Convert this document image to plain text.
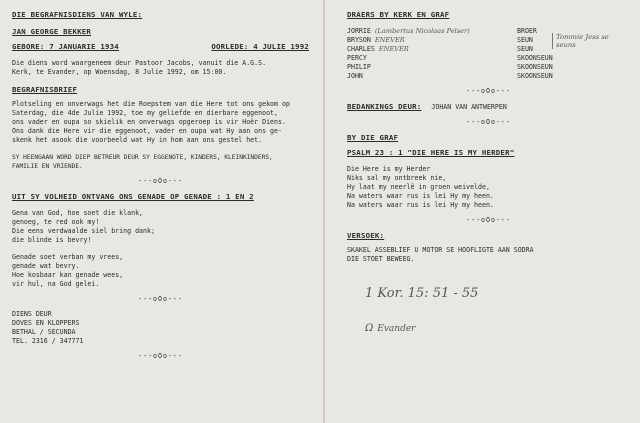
DIE BEGRAFNISDIENS VAN WYLE:
JAN GEORGE BEKKER
GEBORE: 7 JANUARIE 1934	OORLEDE: 4 JULIE 1992
Die diens word waargeneem deur Pastoor Jacobs, vanuit die A.G.S.
Kerk, te Evander, op Woensdag, 8 Julie 1992, om 15:00.
BEGRAFNISBRIEF
Plotseling en onverwags het die Roepstem van die Here tot ons gekom op
Saterdag, die 4de Julie 1992, toe my geliefde en dierbare eggenoot,
ons vader en oupa so skielik en onverwags opgeroep is vir Hoër Diens.
Ons dank die Here vir die eggenoot, vader en oupa wat Hy aan ons ge-
skenk het asook die voorbeeld wat Hy in hom aan ons gestel het.
SY HEENGAAN WORD DIEP BETREUR DEUR SY EGGENOTE, KINDERS, KLEINKINDERS,
FAMILIE EN VRIENDE.
---oOo---
UIT SY VOLHEID ONTVANG ONS GENADE OP GENADE : 1 EN 2
Gena van God, hoe soet die klank,
genoeg, te red ook my!
Die eens verdwaalde siel bring dank;
die blinde is bevry!
Genade soet verban my vrees,
genade wat bevry.
Hoe kosbaar kan genade wees,
vir hul, na God gelei.
---oOo---
DIENS DEUR
DOVES EN KLOPPERS
BETHAL / SECUNDA
TEL. 2316 / 347771
---oOo---
DRAERS BY KERK EN GRAF
JORRIE (Lambertus Nicolaas Pelser)	BROER
BRYSON ENEVER	SEUN
CHARLES ENEVER	SEUN
PERCY	SKOONSEUN
PHILIP	SKOONSEUN
JOHN	SKOONSEUN
Tommie Jess se seuns
---oOo---
BEDANKINGS DEUR: JOHAN VAN ANTWERPEN
---oOo---
BY DIE GRAF
PSALM 23 : 1 "DIE HERE IS MY HERDER"
Die Here is my Herder
Niks sal my ontbreek nie,
Hy laat my neerlê in groen weivelde,
Na waters waar rus is lei Hy my heen.
Na waters waar rus is lei Hy my heen.
---oOo---
VERSOEK:
SKAKEL ASSEBLIEF U MOTOR SE HOOFLIGTE AAN SODRA
DIE STOET BEWEEG.
1 Kor. 15: 51 - 55
Ω Evander
